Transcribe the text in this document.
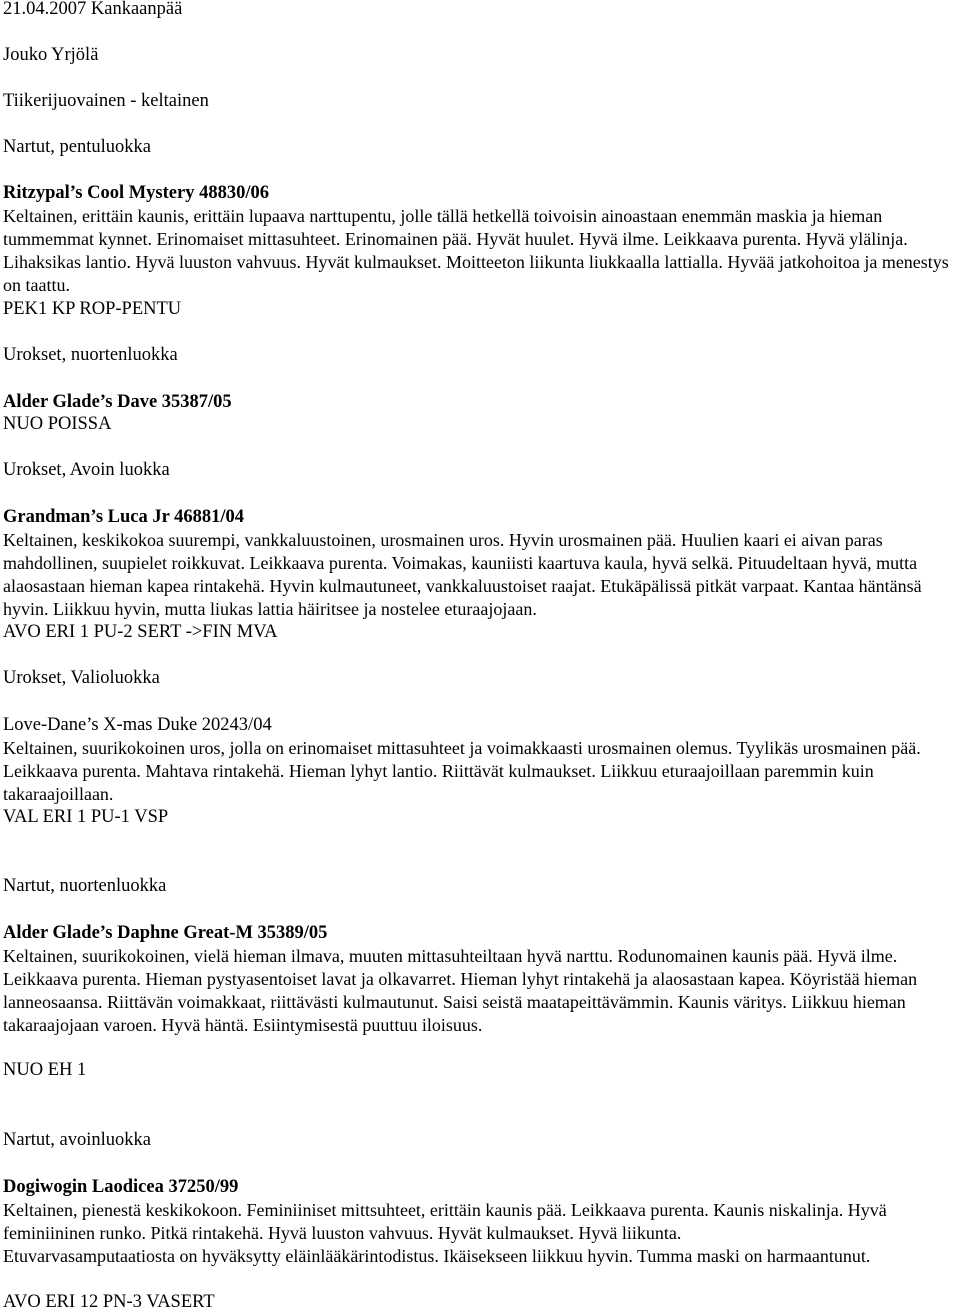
21.04.2007 Kankaanpää

Jouko Yrjölä

Tiikerijuovainen - keltainen

Nartut, pentuluokka

Ritzypal’s Cool Mystery 48830/06

Keltainen, erittäin kaunis, erittäin lupaava narttupentu, jolle tällä hetkellä toivoisin ainoastaan enemmän maskia ja hieman tummemmat kynnet. Erinomaiset mittasuhteet. Erinomainen pää. Hyvät huulet. Hyvä ilme. Leikkaava purenta. Hyvä ylälinja. Lihaksikas lantio. Hyvä luuston vahvuus. Hyvät kulmaukset. Moitteeton liikunta liukkaalla lattialla. Hyvää jatkohoitoa ja menestys on taattu.

PEK1 KP ROP-PENTU

Urokset, nuortenluokka

Alder Glade’s Dave 35387/05

NUO POISSA

Urokset, Avoin luokka

Grandman’s Luca Jr 46881/04

Keltainen, keskikokoa suurempi, vankkaluustoinen, urosmainen uros. Hyvin urosmainen pää. Huulien kaari ei aivan paras mahdollinen, suupielet roikkuvat. Leikkaava purenta. Voimakas, kauniisti kaartuva kaula, hyvä selkä. Pituudeltaan hyvä, mutta alaosastaan hieman kapea rintakehä. Hyvin kulmautuneet, vankkaluustoiset raajat. Etukäpälissä pitkät varpaat. Kantaa häntänsä hyvin. Liikkuu hyvin, mutta liukas lattia häiritsee ja nostelee eturaajojaan.

AVO ERI 1 PU-2 SERT ->FIN MVA

Urokset, Valioluokka

Love-Dane’s X-mas Duke 20243/04

Keltainen, suurikokoinen uros, jolla on erinomaiset mittasuhteet ja voimakkaasti urosmainen olemus. Tyylikäs urosmainen pää. Leikkaava purenta. Mahtava rintakehä. Hieman lyhyt lantio. Riittävät kulmaukset. Liikkuu eturaajoillaan paremmin kuin takaraajoillaan.

VAL ERI 1 PU-1 VSP

Nartut, nuortenluokka

Alder Glade’s Daphne Great-M 35389/05

Keltainen, suurikokoinen, vielä hieman ilmava, muuten mittasuhteiltaan hyvä narttu. Rodunomainen kaunis pää. Hyvä ilme. Leikkaava purenta. Hieman pystyasentoiset lavat ja olkavarret. Hieman lyhyt rintakehä ja alaosastaan kapea. Köyristää hieman lanneosaansa. Riittävän voimakkaat, riittävästi kulmautunut. Saisi seistä maatapeittävämmin. Kaunis väritys. Liikkuu hieman takaraajojaan varoen. Hyvä häntä. Esiintymisestä puuttuu iloisuus.

NUO EH 1

Nartut, avoinluokka

Dogiwogin Laodicea 37250/99

Keltainen, pienestä keskikokoon. Feminiiniset mittsuhteet, erittäin kaunis pää. Leikkaava purenta. Kaunis niskalinja. Hyvä feminiininen runko. Pitkä rintakehä. Hyvä luuston vahvuus. Hyvät kulmaukset. Hyvä liikunta.

Etuvarvasamputaatiosta on hyväksytty eläinlääkärintodistus. Ikäisekseen liikkuu hyvin. Tumma maski on harmaantunut.

AVO ERI 12 PN-3 VASERT
